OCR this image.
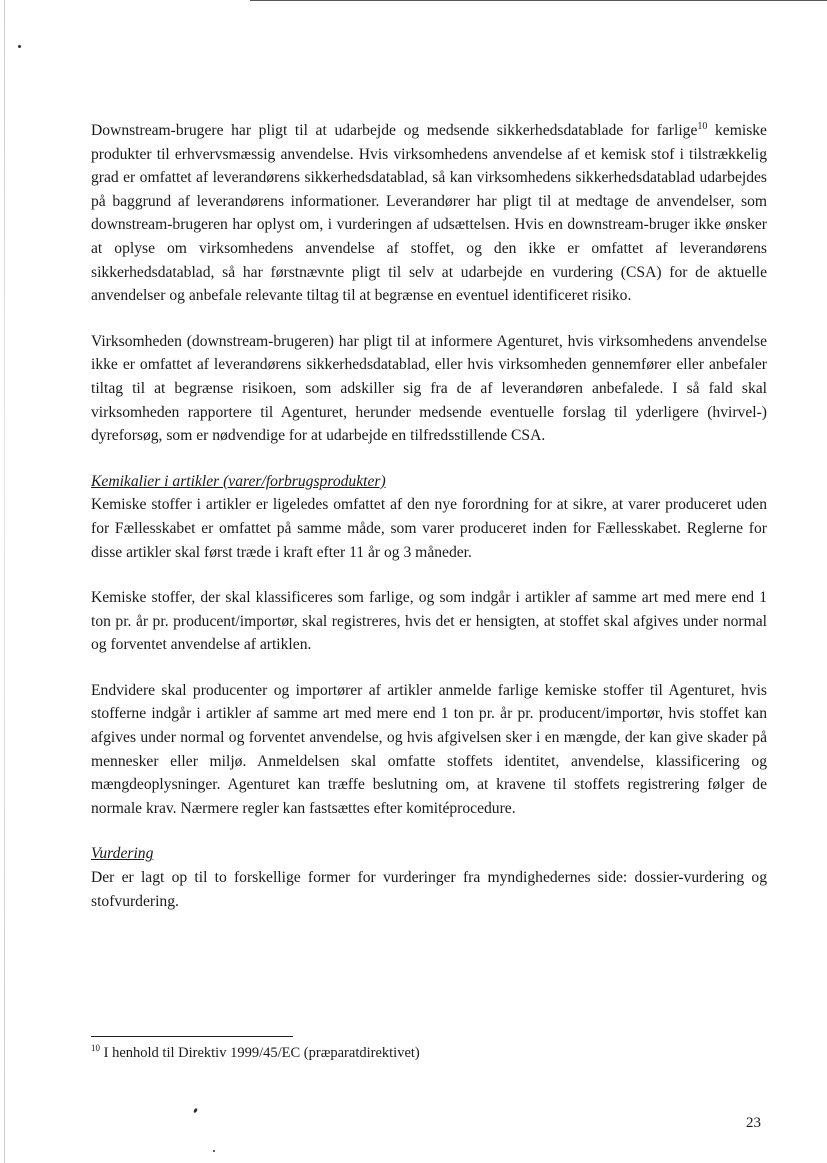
Downstream-brugere har pligt til at udarbejde og medsende sikkerhedsdatablade for farlige$^{10}$ kemiske produkter til erhvervsmæssig anvendelse. Hvis virksomhedens anvendelse af et kemisk stof i tilstrækkelig grad er omfattet af leverandørens sikkerhedsdatablad, så kan virksomhedens sikkerhedsdatablad udarbejdes på baggrund af leverandørens informationer. Leverandører har pligt til at medtage de anvendelser, som downstream-brugeren har oplyst om, i vurderingen af udsættelsen. Hvis en downstream-bruger ikke ønsker at oplyse om virksomhedens anvendelse af stoffet, og den ikke er omfattet af leverandørens sikkerhedsdatablad, så har førstnævnte pligt til selv at udarbejde en vurdering (CSA) for de aktuelle anvendelser og anbefale relevante tiltag til at begrænse en eventuel identificeret risiko.

Virksomheden (downstream-brugeren) har pligt til at informere Agenturet, hvis virksomhedens anvendelse ikke er omfattet af leverandørens sikkerhedsdatablad, eller hvis virksomheden gennemfører eller anbefaler tiltag til at begrænse risikoen, som adskiller sig fra de af leverandøren anbefalede. I så fald skal virksomheden rapportere til Agenturet, herunder medsende eventuelle forslag til yderligere (hvirvel-) dyreforsøg, som er nødvendige for at udarbejde en tilfredsstillende CSA.

Kemikalier i artikler (varer/forbrugsprodukter)

Kemiske stoffer i artikler er ligeledes omfattet af den nye forordning for at sikre, at varer produceret uden for Fællesskabet er omfattet på samme måde, som varer produceret inden for Fællesskabet. Reglerne for disse artikler skal først træde i kraft efter 11 år og 3 måneder.

Kemiske stoffer, der skal klassificeres som farlige, og som indgår i artikler af samme art med mere end 1 ton pr. år pr. producent/importør, skal registreres, hvis det er hensigten, at stoffet skal afgives under normal og forventet anvendelse af artiklen.

Endvidere skal producenter og importører af artikler anmelde farlige kemiske stoffer til Agenturet, hvis stofferne indgår i artikler af samme art med mere end 1 ton pr. år pr. producent/importør, hvis stoffet kan afgives under normal og forventet anvendelse, og hvis afgivelsen sker i en mængde, der kan give skader på mennesker eller miljø. Anmeldelsen skal omfatte stoffets identitet, anvendelse, klassificering og mængdeoplysninger. Agenturet kan træffe beslutning om, at kravene til stoffets registrering følger de normale krav. Nærmere regler kan fastsættes efter komitéprocedure.

Vurdering

Der er lagt op til to forskellige former for vurderinger fra myndighedernes side: dossier-vurdering og stofvurdering.

$^{10}$ I henhold til Direktiv 1999/45/EC (præparatdirektivet)
23
